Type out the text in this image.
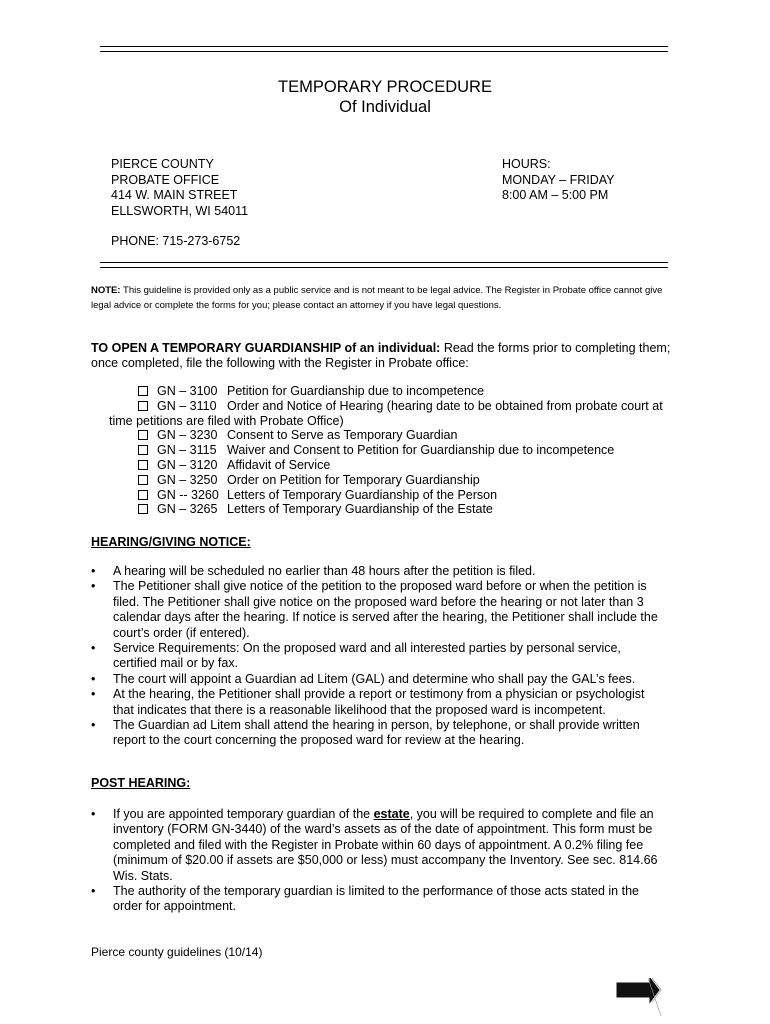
TEMPORARY PROCEDURE
Of Individual
PIERCE COUNTY
PROBATE OFFICE
414 W. MAIN STREET
ELLSWORTH, WI 54011
PHONE: 715-273-6752
HOURS:
MONDAY – FRIDAY
8:00 AM – 5:00 PM
NOTE: This guideline is provided only as a public service and is not meant to be legal advice. The Register in Probate office cannot give legal advice or complete the forms for you; please contact an attorney if you have legal questions.
TO OPEN A TEMPORARY GUARDIANSHIP of an individual: Read the forms prior to completing them; once completed, file the following with the Register in Probate office:
GN – 3100 Petition for Guardianship due to incompetence
GN – 3110 Order and Notice of Hearing (hearing date to be obtained from probate court at
time petitions are filed with Probate Office)
GN – 3230 Consent to Serve as Temporary Guardian
GN – 3115 Waiver and Consent to Petition for Guardianship due to incompetence
GN – 3120 Affidavit of Service
GN – 3250 Order on Petition for Temporary Guardianship
GN -- 3260 Letters of Temporary Guardianship of the Person
GN – 3265 Letters of Temporary Guardianship of the Estate
HEARING/GIVING NOTICE:
• A hearing will be scheduled no earlier than 48 hours after the petition is filed.
• The Petitioner shall give notice of the petition to the proposed ward before or when the petition is filed. The Petitioner shall give notice on the proposed ward before the hearing or not later than 3 calendar days after the hearing. If notice is served after the hearing, the Petitioner shall include the court’s order (if entered).
• Service Requirements: On the proposed ward and all interested parties by personal service, certified mail or by fax.
• The court will appoint a Guardian ad Litem (GAL) and determine who shall pay the GAL’s fees.
• At the hearing, the Petitioner shall provide a report or testimony from a physician or psychologist that indicates that there is a reasonable likelihood that the proposed ward is incompetent.
• The Guardian ad Litem shall attend the hearing in person, by telephone, or shall provide written report to the court concerning the proposed ward for review at the hearing.
POST HEARING:
• If you are appointed temporary guardian of the estate, you will be required to complete and file an inventory (FORM GN-3440) of the ward’s assets as of the date of appointment. This form must be completed and filed with the Register in Probate within 60 days of appointment. A 0.2% filing fee (minimum of $20.00 if assets are $50,000 or less) must accompany the Inventory. See sec. 814.66 Wis. Stats.
• The authority of the temporary guardian is limited to the performance of those acts stated in the order for appointment.
Pierce county guidelines (10/14)
